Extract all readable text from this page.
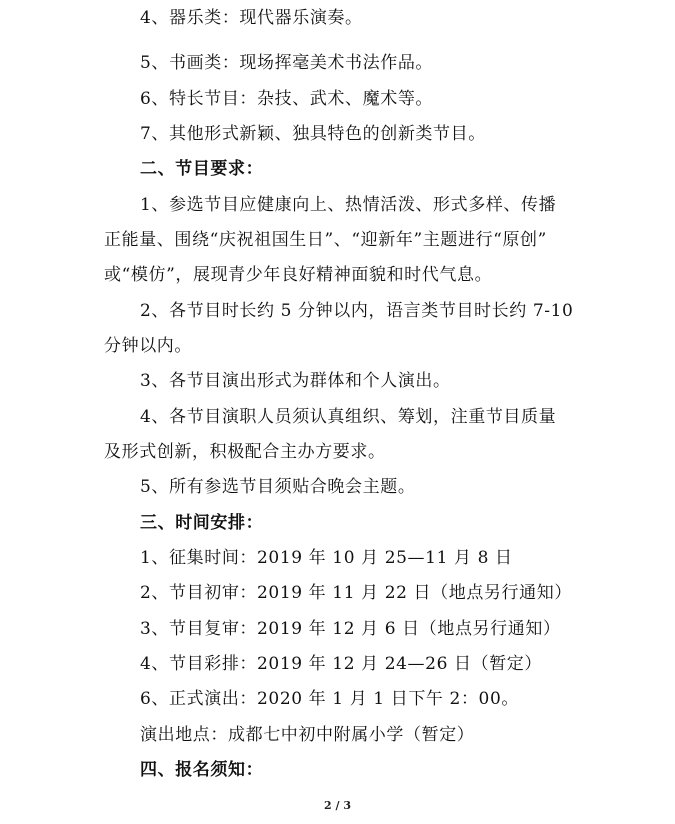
4、器乐类：现代器乐演奏。
5、书画类：现场挥毫美术书法作品。
6、特长节目：杂技、武术、魔术等。
7、其他形式新颖、独具特色的创新类节目。
二、节目要求：
1、参选节目应健康向上、热情活泼、形式多样、传播
正能量、围绕“庆祝祖国生日”、“迎新年”主题进行“原创”
或“模仿”，展现青少年良好精神面貌和时代气息。
2、各节目时长约 5 分钟以内，语言类节目时长约 7-10
分钟以内。
3、各节目演出形式为群体和个人演出。
4、各节目演职人员须认真组织、筹划，注重节目质量
及形式创新，积极配合主办方要求。
5、所有参选节目须贴合晚会主题。
三、时间安排：
1、征集时间：2019 年 10 月 25—11 月 8 日
2、节目初审：2019 年 11 月 22 日（地点另行通知）
3、节目复审：2019 年 12 月 6 日（地点另行通知）
4、节目彩排：2019 年 12 月 24—26 日（暂定）
6、正式演出：2020 年 1 月 1 日下午 2：00。
演出地点：成都七中初中附属小学（暂定）
四、报名须知：
2 / 3
